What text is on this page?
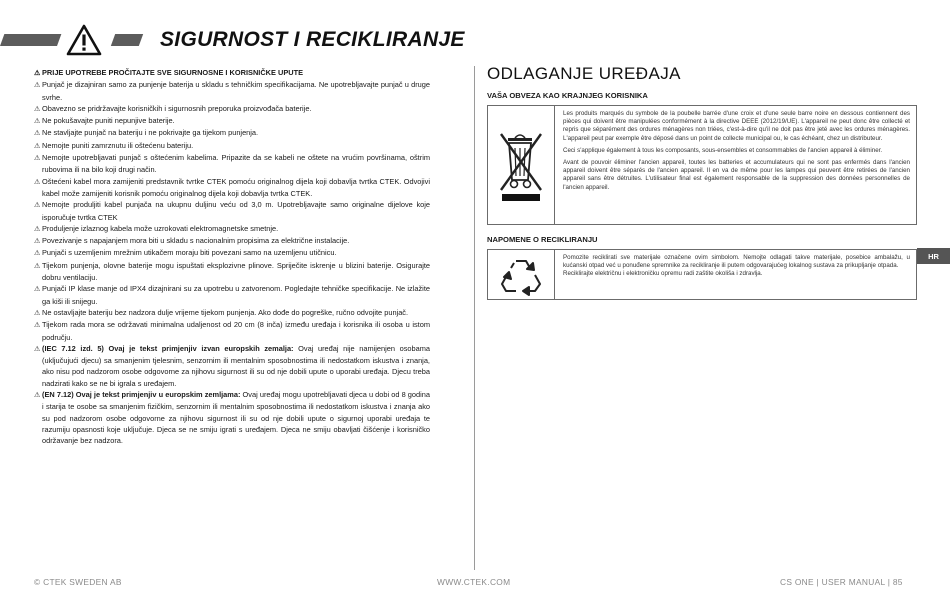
SIGURNOST I RECIKLIRANJE
⚠ PRIJE UPOTREBE PROČITAJTE SVE SIGURNOSNE I KORISNIČKE UPUTE
⚠ Punjač je dizajniran samo za punjenje baterija u skladu s tehničkim specifikacijama. Ne upotrebljavajte punjač u druge svrhe.
⚠ Obavezno se pridržavajte korisničkih i sigurnosnih preporuka proizvođača baterije.
⚠ Ne pokušavajte puniti nepunjive baterije.
⚠ Ne stavljajte punjač na bateriju i ne pokrivajte ga tijekom punjenja.
⚠ Nemojte puniti zamrznutu ili oštećenu bateriju.
⚠ Nemojte upotrebljavati punjač s oštećenim kabelima. Pripazite da se kabeli ne oštete na vrućim površinama, oštrim rubovima ili na bilo koji drugi način.
⚠ Oštećeni kabel mora zamijeniti predstavnik tvrtke CTEK pomoću originalnog dijela koji dobavlja tvrtka CTEK. Odvojivi kabel može zamijeniti korisnik pomoću originalnog dijela koji dobavlja tvrtka CTEK.
⚠ Nemojte produljiti kabel punjača na ukupnu duljinu veću od 3,0 m. Upotrebljavajte samo originalne dijelove koje isporučuje tvrtka CTEK
⚠ Produljenje izlaznog kabela može uzrokovati elektromagnetske smetnje.
⚠ Povezivanje s napajanjem mora biti u skladu s nacionalnim propisima za električne instalacije.
⚠ Punjači s uzemljenim mrežnim utikačem moraju biti povezani samo na uzemljenu utičnicu.
⚠ Tijekom punjenja, olovne baterije mogu ispuštati eksplozivne plinove. Spriječite iskrenje u blizini baterije. Osigurajte dobru ventilaciju.
⚠ Punjači IP klase manje od IPX4 dizajnirani su za upotrebu u zatvorenom. Pogledajte tehničke specifikacije. Ne izlažite ga kiši ili snijegu.
⚠ Ne ostavljajte bateriju bez nadzora dulje vrijeme tijekom punjenja. Ako dođe do pogreške, ručno odvojite punjač.
⚠ Tijekom rada mora se održavati minimalna udaljenost od 20 cm (8 inča) između uređaja i korisnika ili osoba u istom području.
⚠ (IEC 7.12 izd. 5) Ovaj je tekst primjenjiv izvan europskih zemalja: Ovaj uređaj nije namijenjen osobama (uključujući djecu) sa smanjenim tjelesnim, senzornim ili mentalnim sposobnostima ili nedostatkom iskustva i znanja, ako nisu pod nadzorom osobe odgovorne za njihovu sigurnost ili su od nje dobili upute o uporabi uređaja. Djecu treba nadzirati kako se ne bi igrala s uređajem.
⚠ (EN 7.12) Ovaj je tekst primjenjiv u europskim zemljama: Ovaj uređaj mogu upotrebljavati djeca u dobi od 8 godina i starija te osobe sa smanjenim fizičkim, senzornim ili mentalnim sposobnostima ili nedostatkom iskustva i znanja ako su pod nadzorom osobe odgovorne za njihovu sigurnost ili su od nje dobili upute o sigurnoj uporabi uređaja te razumiju opasnosti koje uključuje. Djeca se ne smiju igrati s uređajem. Djeca ne smiju obavljati čišćenje i korisničko održavanje bez nadzora.
ODLAGANJE UREĐAJA
VAŠA OBVEZA KAO KRAJNJEG KORISNIKA

Les produits marqués du symbole de la poubelle barrée d'une croix et d'une seule barre noire en dessous contiennent des pièces qui doivent être manipulées conformément à la directive DEEE (2012/19/UE). L'appareil ne peut donc être collecté et repris que séparément des ordures ménagères non triées, c'est-à-dire qu'il ne doit pas être jeté avec les ordures ménagères. L'appareil peut par exemple être déposé dans un point de collecte municipal ou, le cas échéant, chez un distributeur.

Ceci s'applique également à tous les composants, sous-ensembles et consommables de l'ancien appareil à éliminer.

Avant de pouvoir éliminer l'ancien appareil, toutes les batteries et accumulateurs qui ne sont pas enfermés dans l'ancien appareil doivent être séparés de l'ancien appareil. Il en va de même pour les lampes qui peuvent être retirées de l'ancien appareil sans être détruites. L'utilisateur final est également responsable de la suppression des données personnelles de l'ancien appareil.

NAPOMENE O RECIKLIRANJU

Pomozite reciklirati sve materijale označene ovim simbolom. Nemojte odlagati takve materijale, posebice ambalažu, u kućanski otpad već u ponuđene spremnike za recikliranje ili putem odgovarajućeg lokalnog sustava za prikupljanje otpada.

Reciklirajte električnu i elektroničku opremu radi zaštite okoliša i zdravlja.

HR
© CTEK SWEDEN AB	WWW.CTEK.COM	CS ONE | USER MANUAL | 85
